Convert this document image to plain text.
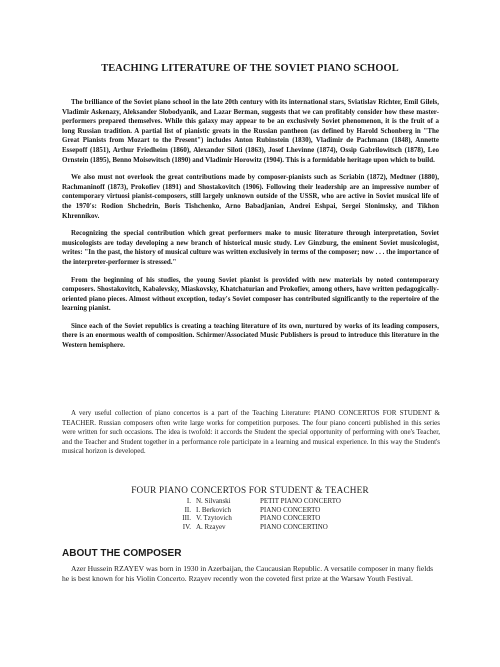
TEACHING LITERATURE OF THE SOVIET PIANO SCHOOL

The brilliance of the Soviet piano school in the late 20th century with its international stars, Sviatislav Richter, Emil Gilels, Vladimir Askenazy, Aleksander Slobodyanik, and Lazar Berman, suggests that we can profitably consider how these master-performers prepared themselves. While this galaxy may appear to be an exclusively Soviet phenomenon, it is the fruit of a long Russian tradition. A partial list of pianistic greats in the Russian pantheon (as defined by Harold Schonberg in "The Great Pianists from Mozart to the Present") includes Anton Rubinstein (1830), Vladimir de Pachmann (1848), Annette Essepoff (1851), Arthur Friedheim (1860), Alexander Siloti (1863), Josef Lhevinne (1874), Ossip Gabrilowitsch (1878), Leo Ornstein (1895), Benno Moisewitsch (1890) and Vladimir Horowitz (1904). This is a formidable heritage upon which to build.

We also must not overlook the great contributions made by composer-pianists such as Scriabin (1872), Medtner (1880), Rachmaninoff (1873), Prokofiev (1891) and Shostakovitch (1906). Following their leadership are an impressive number of contemporary virtuosi pianist-composers, still largely unknown outside of the USSR, who are active in Soviet musical life of the 1970's: Rodion Shchedrin, Boris Tishchenko, Arno Babadjanian, Andrei Eshpai, Sergei Slonimsky, and Tikhon Khrennikov.

Recognizing the special contribution which great performers make to music literature through interpretation, Soviet musicologists are today developing a new branch of historical music study. Lev Ginzburg, the eminent Soviet musicologist, writes: "In the past, the history of musical culture was written exclusively in terms of the composer; now . . . the importance of the interpreter-performer is stressed."

From the beginning of his studies, the young Soviet pianist is provided with new materials by noted contemporary composers. Shostakovitch, Kabalevsky, Miaskovsky, Khatchaturian and Prokofiev, among others, have written pedagogically-oriented piano pieces. Almost without exception, today's Soviet composer has contributed significantly to the repertoire of the learning pianist.

Since each of the Soviet republics is creating a teaching literature of its own, nurtured by works of its leading composers, there is an enormous wealth of composition. Schirmer/Associated Music Publishers is proud to introduce this literature in the Western hemisphere.

A very useful collection of piano concertos is a part of the Teaching Literature: PIANO CONCERTOS FOR STUDENT & TEACHER. Russian composers often write large works for competition purposes. The four piano concerti published in this series were written for such occasions. The idea is twofold: it accords the Student the special opportunity of performing with one's Teacher, and the Teacher and Student together in a performance role participate in a learning and musical experience. In this way the Student's musical horizon is developed.

FOUR PIANO CONCERTOS FOR STUDENT & TEACHER
I. N. Silvanski	PETIT PIANO CONCERTO
II. I. Berkovich	PIANO CONCERTO
III. V. Tzytovich	PIANO CONCERTO
IV. A. Rzayev	PIANO CONCERTINO
ABOUT THE COMPOSER

Azer Hussein RZAYEV was born in 1930 in Azerbaijan, the Caucausian Republic. A versatile composer in many fields he is best known for his Violin Concerto. Rzayev recently won the coveted first prize at the Warsaw Youth Festival.
